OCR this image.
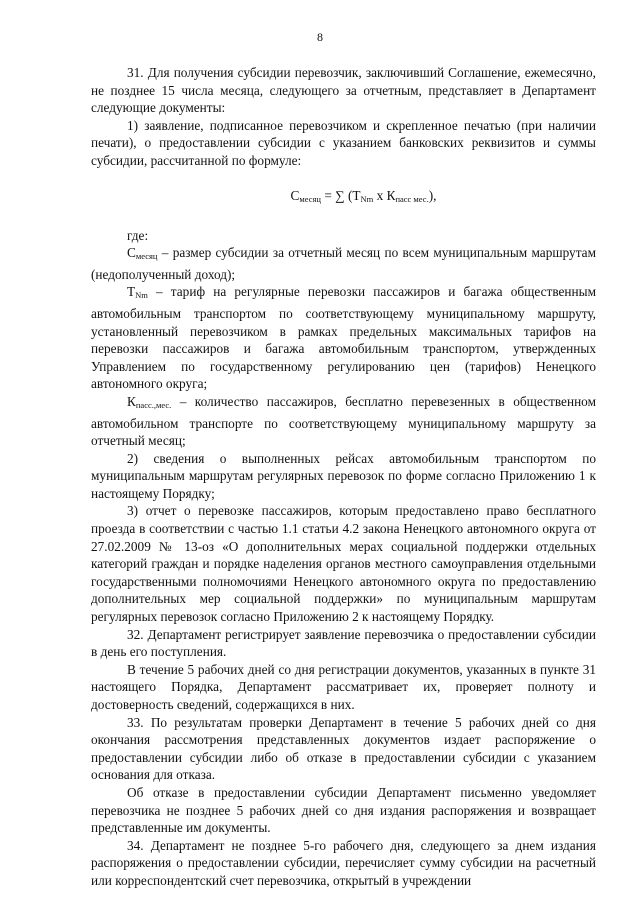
8

31. Для получения субсидии перевозчик, заключивший Соглашение, ежемесячно, не позднее 15 числа месяца, следующего за отчетным, представляет в Департамент следующие документы:

1) заявление, подписанное перевозчиком и скрепленное печатью (при наличии печати), о предоставлении субсидии с указанием банковских реквизитов и суммы субсидии, рассчитанной по формуле:

$С_{месяц}$ = ∑ ($Т_{Nm}$ х $К_{пасс мес.}$),

где:

Смесяц – размер субсидии за отчетный месяц по всем муниципальным маршрутам (недополученный доход);

ТNm – тариф на регулярные перевозки пассажиров и багажа общественным автомобильным транспортом по соответствующему муниципальному маршруту, установленный перевозчиком в рамках предельных максимальных тарифов на перевозки пассажиров и багажа автомобильным транспортом, утвержденных Управлением по государственному регулированию цен (тарифов) Ненецкого автономного округа;

Кпасс.,мес. – количество пассажиров, бесплатно перевезенных в общественном автомобильном транспорте по соответствующему муниципальному маршруту за отчетный месяц;

2) сведения о выполненных рейсах автомобильным транспортом по муниципальным маршрутам регулярных перевозок по форме согласно Приложению 1 к настоящему Порядку;

3) отчет о перевозке пассажиров, которым предоставлено право бесплатного проезда в соответствии с частью 1.1 статьи 4.2 закона Ненецкого автономного округа от 27.02.2009 № 13-оз «О дополнительных мерах социальной поддержки отдельных категорий граждан и порядке наделения органов местного самоуправления отдельными государственными полномочиями Ненецкого автономного округа по предоставлению дополнительных мер социальной поддержки» по муниципальным маршрутам регулярных перевозок согласно Приложению 2 к настоящему Порядку.

32. Департамент регистрирует заявление перевозчика о предоставлении субсидии в день его поступления.

В течение 5 рабочих дней со дня регистрации документов, указанных в пункте 31 настоящего Порядка, Департамент рассматривает их, проверяет полноту и достоверность сведений, содержащихся в них.

33. По результатам проверки Департамент в течение 5 рабочих дней со дня окончания рассмотрения представленных документов издает распоряжение о предоставлении субсидии либо об отказе в предоставлении субсидии с указанием основания для отказа.

Об отказе в предоставлении субсидии Департамент письменно уведомляет перевозчика не позднее 5 рабочих дней со дня издания распоряжения и возвращает представленные им документы.

34. Департамент не позднее 5-го рабочего дня, следующего за днем издания распоряжения о предоставлении субсидии, перечисляет сумму субсидии на расчетный или корреспондентский счет перевозчика, открытый в учреждении
